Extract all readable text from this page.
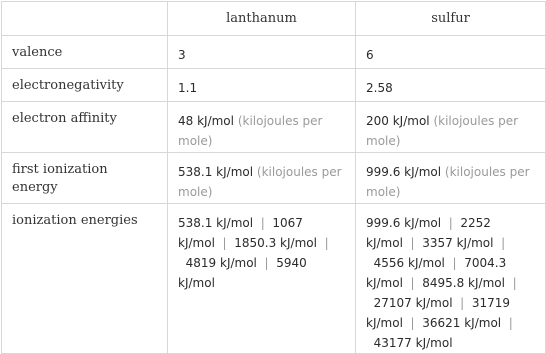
	lanthanum	sulfur
valence	3	6
electronegativity	1.1	2.58
electron affinity	48 kJ/mol (kilojoules per mole)	200 kJ/mol (kilojoules per mole)
first ionization energy	538.1 kJ/mol (kilojoules per mole)	999.6 kJ/mol (kilojoules per mole)
ionization energies	538.1 kJ/mol | 1067 kJ/mol | 1850.3 kJ/mol |  4819 kJ/mol | 5940 kJ/mol	999.6 kJ/mol | 2252 kJ/mol | 3357 kJ/mol |  4556 kJ/mol | 7004.3 kJ/mol | 8495.8 kJ/mol |  27107 kJ/mol | 31719 kJ/mol | 36621 kJ/mol |  43177 kJ/mol
